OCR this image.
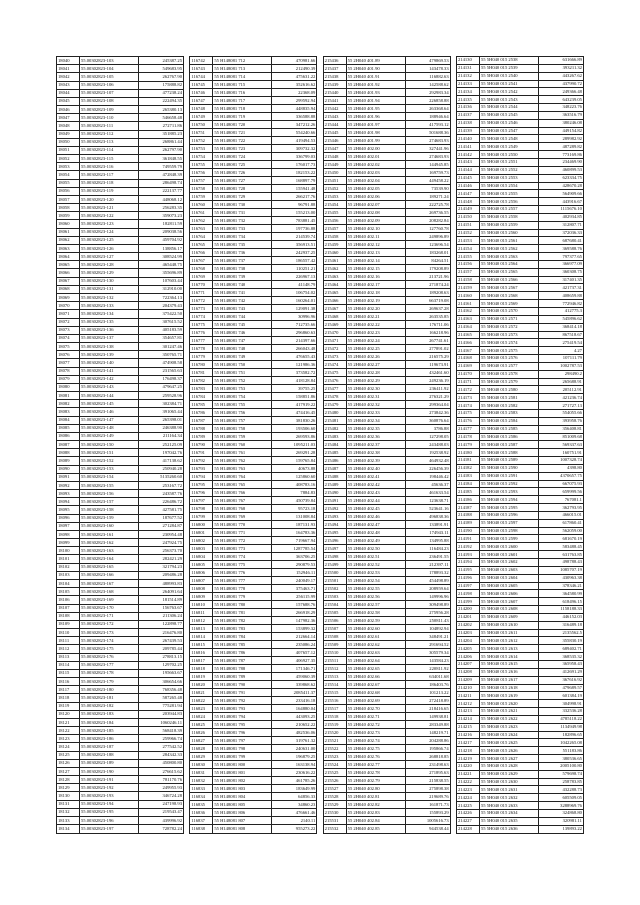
18040	55.00302823-103	245387.25
18041	55.00302823-104	549683.95
18042	55.00302823-105	262767.90
18043	55.00302823-106	175888.82
18044	55.00302823-107	477238.24
18045	55.00302823-108	222494.35
18046	55.00302823-109	265380.13
18047	55.00302823-110	546658.48
18048	55.00302823-111	272711.86
18049	55.00302823-112	351885.23
18050	55.00302823-113	268861.44
18051	55.00302823-114	262797.90
18052	55.00302823-115	361848.55
18053	55.00302823-116	749559.79
18054	55.00302823-117	472848.39
18055	55.00302823-118	286498.74
18056	55.00302823-119	222137.77
18057	55.00302823-120	448068.12
18058	55.00302823-121	256283.35
18059	55.00302823-122	359073.23
18060	55.00302823-123	182811.59
18061	55.00302823-124	209038.56
18062	55.00302823-125	459704.92
18063	55.00302823-126	138856.17
18064	55.00302823-127	308524.99
18065	55.00302823-128	465448.75
18066	55.00302823-129	355696.89
18067	55.00302823-130	107603.44
18068	55.00302823-131	312910.00
18069	55.00302823-132	722364.13
18070	55.00302823-133	204379.43
18071	55.00302823-134	375422.50
18072	55.00302823-135	307615.52
18073	55.00302823-136	405183.59
18074	55.00302823-137	354657.81
18075	55.00302823-138	301247.46
18076	55.00302823-139	350765.71
18077	55.00302823-140	474908.58
18078	55.00302823-141	231565.63
18079	55.00302823-142	176498.37
18080	55.00302823-143	479647.25
18081	55.00302823-144	259528.96
18082	55.00302823-145	302384.71
18083	55.00302823-146	391065.44
18084	55.00302823-147	265398.01
18085	55.00302823-148	246388.90
18086	55.00302823-149	211164.34
18087	55.00302823-150	252125.09
18088	55.00302823-151	197042.76
18089	55.00302823-152	417138.62
18090	55.00302823-153	250940.28
18091	55.00302823-154	5135260.60
18092	55.00302823-155	253167.72
18093	55.00302823-156	243587.76
18094	55.00302823-157	226486.72
18095	55.00302823-158	427581.75
18096	55.00302823-159	187677.52
18097	55.00302823-160	271284.87
18098	55.00302823-161	230954.48
18099	55.00302823-162	247924.75
18100	55.00302823-163	256373.70
18101	55.00302823-164	282421.29
18102	55.00302823-165	321794.23
18103	55.00302823-166	209486.28
18104	55.00302823-167	488993.83
18105	55.00302823-168	264091.64
18106	55.00302823-169	181514.89
18107	55.00302823-170	156763.67
18108	55.00302823-171	211306.24
18109	55.00302823-172	122898.77
18110	55.00302823-173	216476.80
18111	55.00302823-174	267439.53
18112	55.00302823-175	209785.44
18113	55.00302823-176	278813.15
18114	55.00302823-177	129702.25
18115	55.00302823-178	195663.67
18116	55.00302823-179	306654.66
18117	55.00302823-180	768356.48
18118	55.00302823-181	587265.48
18119	55.00302823-182	775281.94
18120	55.00302823-183	203944.83
18121	55.00302823-184	1060246.11
18122	55.00302823-185	568418.39
18123	55.00302823-186	259966.74
18124	55.00302823-187	277542.52
18125	55.00302823-188	284342.33
18126	55.00302823-189	450800.80
18127	55.00302823-190	276615.62
18128	55.00302823-191	781170.76
18129	55.00302823-192	249955.93
18130	55.00302823-193	346724.28
18131	55.00302823-194	247198.93
18132	55.00302823-195	219543.47
18133	55.00302823-196	439996.92
18134	55.00302823-197	728782.24
116742	55 H148081 712	470981.66
116743	55 H148081 713	212490.39
116744	55 H148081 714	475631.22
116745	55 H148081 715	352616.62
116746	55 H148081 716	22368.09
116747	55 H148081 717	299592.94
116748	55 H148081 718	448835.94
116749	55 H148081 719	336588.88
116750	55 H148081 720	347212.26
116751	55 H148081 721	554240.66
116752	55 H148081 722	419494.53
116753	55 H148081 723	309732.32
116754	55 H148081 724	336799.03
116755	55 H148081 725	176017.73
116756	55 H148081 726	182153.22
116757	55 H148081 727	168897.79
116758	55 H148081 728	155941.48
116759	55 H148081 729	266217.76
116760	55 H148081 730	96791.88
116761	55 H148081 731	155213.00
116762	55 H148081 732	783881.45
116763	55 H148081 733	197736.88
116764	55 H148081 734	214539.74
116765	55 H148081 735	356913.51
116766	55 H148081 736	242937.25
116767	55 H148081 737	186557.42
116768	55 H148081 738	110251.21
116769	55 H148081 739	226967.13
116770	55 H148081 740	41148.79
116771	55 H148081 741	106754.02
116772	55 H148081 742	160264.01
116773	55 H148081 743	129091.38
116774	55 H148081 744	30996.96
116775	55 H148081 745	712735.66
116776	55 H148081 746	296860.63
116777	55 H148081 747	214397.66
116778	55 H148081 748	266043.48
116779	55 H148081 749	476655.43
116780	55 H148081 750	121986.36
116781	55 H148081 751	373582.72
116782	55 H148081 752	418128.84
116783	55 H148081 753	39755.25
116784	55 H148081 754	158851.86
116785	55 H148081 755	417919.22
116786	55 H148081 756	474416.45
116787	55 H148081 757	381830.26
116788	55 H148081 758	193506.60
116789	55 H148081 759	269593.86
116790	55 H148081 760	1095211.03
116791	55 H148081 761	269291.28
116792	55 H148081 762	159765.84
116793	55 H148081 763	40673.88
116794	55 H148081 764	125860.60
116795	55 H148081 765	408783.16
116796	55 H148081 766	7884.83
116797	55 H148081 767	450739.84
116798	55 H148081 768	95723.18
116799	55 H148081 769	131008.84
116800	55 H148081 770	187131.93
116801	55 H148081 771	164783.36
116802	55 H148081 772	719667.94
116803	55 H148081 773	1287785.54
116804	55 H148081 774	363706.25
116805	55 H148081 775	290879.53
116806	55 H148081 776	152946.11
116807	55 H148081 777	240049.17
116808	55 H148081 778	375463.71
116809	55 H148081 779	256115.99
116810	55 H148081 780	157688.76
116811	55 H148081 781	266918.29
116812	55 H148081 782	147982.36
116813	55 H148081 783	153899.32
116814	55 H148081 784	212664.14
116815	55 H148081 785	235086.24
116816	55 H148081 786	407657.12
116817	55 H148081 787	406927.35
116818	55 H148081 788	171346.71
116819	55 H148081 789	459060.39
116820	55 H148081 790	339868.62
116821	55 H148081 791	2085411.37
116822	55 H148081 792	233416.18
116823	55 H148081 793	164880.04
116824	55 H148081 794	443093.25
116825	55 H148081 795	210652.22
116826	55 H148081 796	482536.06
116827	55 H148081 797	319761.32
116828	55 H148081 798	240631.00
116829	55 H148081 799	196879.25
116830	55 H148081 800	163138.94
116831	55 H148081 801	230616.22
116832	55 H148081 802	461785.26
116833	55 H148081 803	183649.99
116834	55 H148081 804	64856.33
116835	55 H148081 805	34860.23
116836	55 H148081 806	476661.46
116837	55 H148081 807	2140.11
116838	55 H148081 808	955273.22
215436	55 2H040 401.89	479869.53
215437	55 2H040 401.90	143478.33
215438	55 2H040 401.91	116882.63
215439	55 2H040 401.92	142588.62
215440	55 2H040 401.93	292983.34
215441	55 2H040 401.94	226858.88
215442	55 2H040 401.95	263368.64
215443	55 2H040 401.96	188946.64
215444	55 2H040 401.97	417593.12
215445	55 2H040 401.98	501688.36
215446	55 2H040 401.99	274683.93
215447	55 2H040 402.00	327441.96
215448	55 2H040 402.01	274683.93
215449	55 2H040 402.02	144945.85
215450	55 2H040 402.03	169759.73
215451	55 2H040 402.04	449458.22
215452	55 2H040 402.05	73539.90
215453	55 2H040 402.06	189271.24
215454	55 2H040 402.07	222725.78
215455	55 2H040 402.08	269736.55
215456	55 2H040 402.09	208282.84
215457	55 2H040 402.10	127760.78
215458	55 2H040 402.11	249896.89
215459	55 2H040 402.12	123696.54
215460	55 2H040 402.13	183268.01
215461	55 2H040 402.14	84264.51
215462	55 2H040 402.15	179208.89
215463	55 2H040 402.16	213721.96
215464	55 2H040 402.17	271874.24
215465	55 2H040 402.18	189208.63
215466	55 2H040 402.19	663719.08
215467	55 2H040 402.20	269637.28
215468	55 2H040 402.21	263535.85
215469	55 2H040 402.22	176711.06
215470	55 2H040 402.23	166218.96
215471	55 2H040 402.24	267741.61
215472	55 2H040 402.25	277891.02
215473	55 2H040 402.26	216575.29
215474	55 2H040 402.27	119673.91
215475	55 2H040 402.28	432461.60
215476	55 2H040 402.29	249236.19
215477	55 2H040 402.30	236411.92
215478	55 2H040 402.31	276321.29
215479	55 2H040 402.32	299364.04
215480	55 2H040 402.33	273842.36
215481	55 2H040 402.34	360876.64
215482	55 2H040 402.35	3786.88
215483	55 2H040 402.36	127298.05
215484	55 2H040 402.37	243488.03
215485	55 2H040 402.38	192538.92
215486	55 2H040 402.39	464932.48
215487	55 2H040 402.40	226456.39
215488	55 2H040 402.41	198446.42
215489	55 2H040 402.42	45636.37
215490	55 2H040 402.43	461633.54
215491	55 2H040 402.44	123638.71
215492	55 2H040 402.45	523641.16
215493	55 2H040 402.46	496838.36
215494	55 2H040 402.47	133891.91
215495	55 2H040 402.48	174943.11
215496	55 2H040 402.49	134995.88
215497	55 2H040 402.50	116484.23
215498	55 2H040 402.51	236491.55
215499	55 2H040 402.52	212397.11
215500	55 2H040 402.53	178893.32
215501	55 2H040 402.54	454498.89
215502	55 2H040 402.55	208959.64
215503	55 2H040 402.56	149996.96
215504	55 2H040 402.57	309498.89
215505	55 2H040 402.58	275956.28
215506	55 2H040 402.59	250811.43
215507	55 2H040 402.60	104892.94
215508	55 2H040 402.61	348491.21
215509	55 2H040 402.62	291694.52
215510	55 2H040 402.63	305579.34
215511	55 2H040 402.64	143584.23
215512	55 2H040 402.65	220811.92
215513	55 2H040 402.66	634011.68
215514	55 2H040 402.67	186403.76
215515	55 2H040 402.68	101213.22
215516	55 2H040 402.69	272418.89
215517	55 2H040 402.70	218416.65
215518	55 2H040 402.71	149938.81
215519	55 2H040 402.72	283349.88
215520	55 2H040 402.73	148219.71
215521	55 2H040 402.74	204288.86
215522	55 2H040 402.75	195866.74
215523	55 2H040 402.76	268818.85
215524	55 2H040 402.77	231498.63
215525	55 2H040 402.78	271895.63
215526	55 2H040 402.79	215838.55
215527	55 2H040 402.80	275898.38
215528	55 2H040 402.81	219689.76
215529	55 2H040 402.82	161871.73
215530	55 2H040 402.83	155893.29
215531	55 2H040 402.84	1005616.73
215532	55 2H040 402.85	944538.44
214130	55 5H040 015 2538	631666.89
214131	55 5H040 015 2539	393211.32
214132	55 5H040 015 2540	443267.62
214133	55 5H040 015 2541	437990.72
214134	55 5H040 015 2542	249366.48
214135	55 5H040 015 2543	643239.05
214136	55 5H040 015 2544	348223.76
214137	55 5H040 015 2545	363516.79
214138	55 5H040 015 2546	380246.08
214139	55 5H040 015 2547	449154.82
214140	55 5H040 015 2548	289982.92
214141	55 5H040 015 2549	487289.82
214142	55 5H040 015 2550	773169.86
214143	55 5H040 015 2551	234469.90
214144	55 5H040 015 2552	460899.53
214145	55 5H040 015 2553	623334.75
214146	55 5H040 015 2554	428670.28
214147	55 5H040 015 2555	564909.66
214148	55 5H040 015 2556	443916.67
214149	55 5H040 015 2557	1115676.10
214150	55 5H040 015 2558	402934.85
214151	55 5H040 015 2559	312807.71
214152	55 5H040 015 2560	372036.33
214153	55 5H040 015 2561	687680.41
214154	55 5H040 015 2562	369588.76
214155	55 5H040 015 2563	797377.65
214156	55 5H040 015 2564	366977.09
214157	55 5H040 015 2565	360308.75
214158	55 5H040 015 2566	317401.35
214159	55 5H040 015 2567	421737.31
214160	55 5H040 015 2568	408659.88
214161	55 5H040 015 2569	772946.82
214162	55 5H040 015 2570	412775.3
214163	55 5H040 015 2571	545896.62
214164	55 5H040 015 2572	368414.18
214165	55 5H040 015 2573	867518.67
214166	55 5H040 015 2574	275419.54
214167	55 5H040 015 2575	4.27
214168	55 5H040 015 2576	107111.79
214169	55 5H040 015 2577	1002787.53
214170	55 5H040 015 2578	298490.2
214171	55 5H040 015 2579	265688.91
214172	55 5H040 015 2580	205112.91
214173	55 5H040 015 2581	421236.74
214174	55 5H040 015 2582	271727.13
214175	55 5H040 015 2583	554055.66
214176	55 5H040 015 2584	393958.76
214177	55 5H040 015 2585	356408.81
214178	55 5H040 015 2586	851009.68
214179	55 5H040 015 2587	569337.63
214180	55 5H040 015 2588	160751.91
214181	55 5H040 015 2589	1007328.74
214182	55 5H040 015 2590	4398.80
214183	55 5H040 015 2591	4370657.75
214184	55 5H040 015 2592	667075.93
214185	55 5H040 015 2593	659999.56
214186	55 5H040 015 2594	767081.1
214187	55 5H040 015 2595	362793.95
214188	55 5H040 015 2596	466015.01
214189	55 5H040 015 2597	617860.41
214190	55 5H040 015 2598	562059.00
214191	55 5H040 015 2599	681670.19
214192	55 5H040 015 2600	583488.45
214193	55 5H040 015 2601	631763.85
214194	55 5H040 015 2602	498788.43
214195	55 5H040 015 2603	1085707.19
214196	55 5H040 015 2604	430963.38
214197	55 5H040 015 2605	378346.21
214198	55 5H040 015 2606	364580.99
214199	55 5H040 015 2607	618496.15
214200	55 5H040 015 2608	1158188.33
214201	55 5H040 015 2609	446152.03
214202	55 5H040 015 2610	316489.18
214203	55 5H040 015 2611	2135562.5
214204	55 5H040 015 2612	355830.19
214205	55 5H040 015 2613	689402.71
214206	55 5H040 015 2614	368535.32
214207	55 5H040 015 2615	365958.43
214208	55 5H040 015 2616	412691.29
214209	55 5H040 015 2617	367616.92
214210	55 5H040 015 2618	479689.57
214211	55 5H040 015 2619	601384.19
214212	55 5H040 015 2620	304998.91
214213	55 5H040 015 2621	332536.28
214214	55 5H040 015 2622	4785118.22
214215	55 5H040 015 2623	1134949.98
214216	55 5H040 015 2624	182896.65
214217	55 5H040 015 2625	1042265.08
214218	55 5H040 015 2626	551183.86
214219	55 5H040 015 2627	380536.65
214220	55 5H040 015 2628	2005100.80
214221	55 5H040 015 2629	579698.74
214222	55 5H040 015 2630	258783.85
214223	55 5H040 015 2631	432288.73
214224	55 5H040 015 2632	605509.05
214225	55 5H040 015 2633	3288969.76
214226	55 5H040 015 2634	324868.80
214227	55 5H040 015 2635	320981.11
214228	55 5H040 015 2636	139893.22
